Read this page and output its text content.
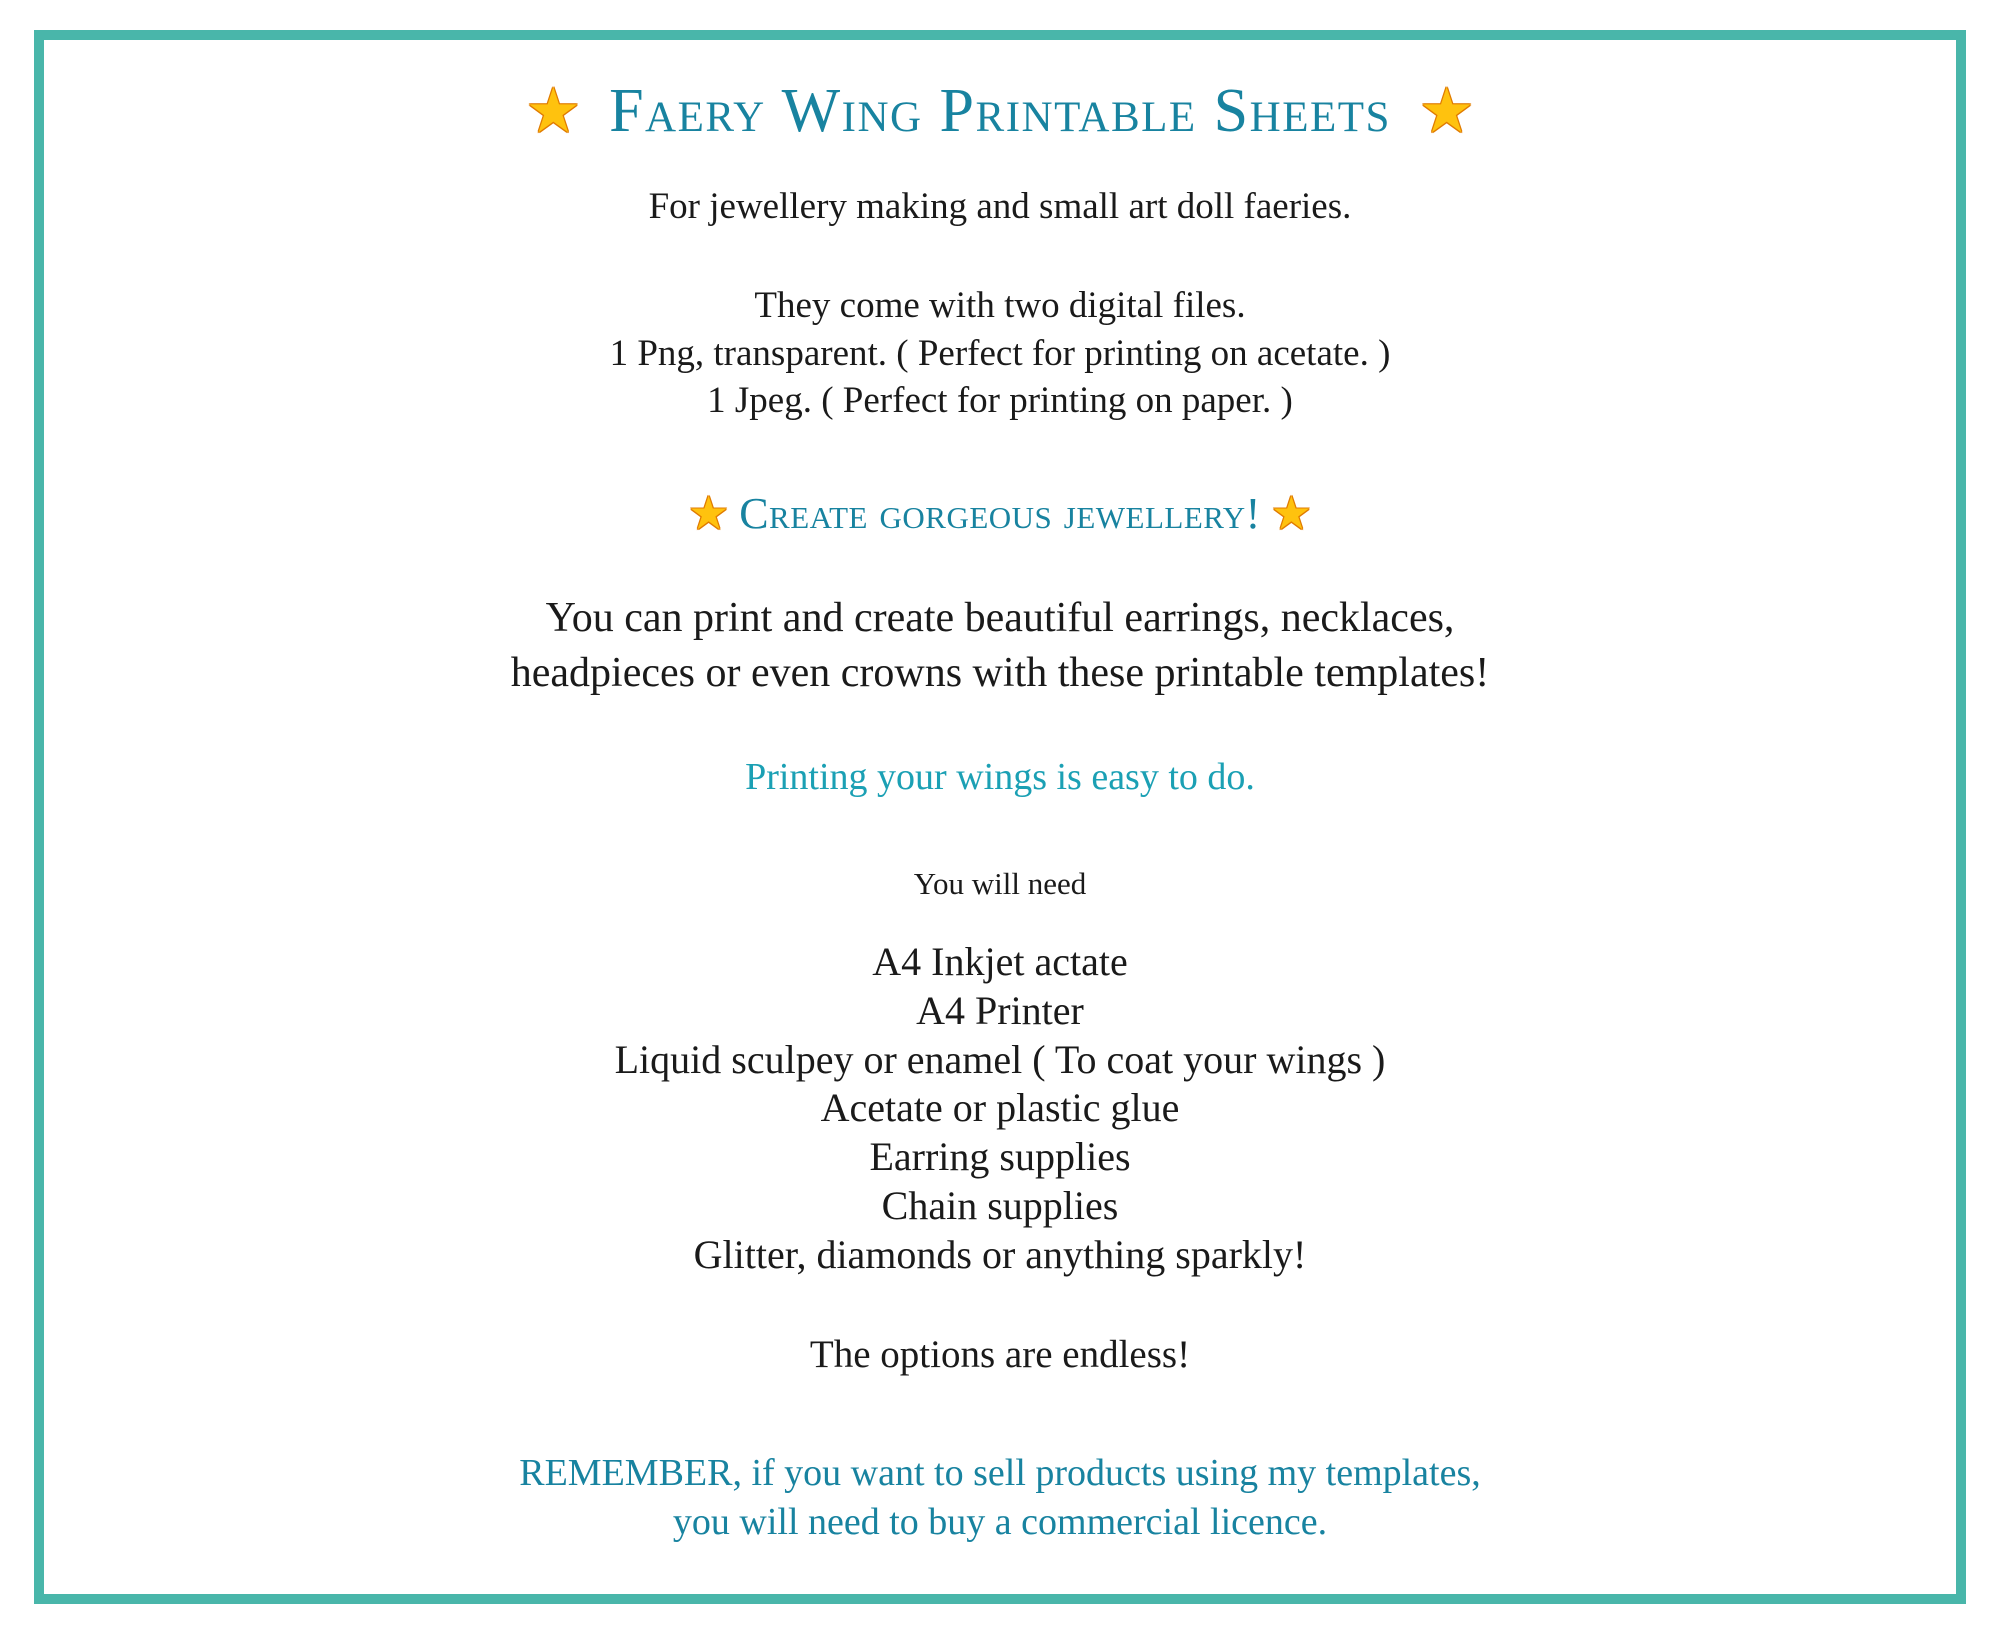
★ Faery Wing Printable Sheets ★
For jewellery making and small art doll faeries.
They come with two digital files.
1 Png, transparent. ( Perfect for printing on acetate. )
1 Jpeg. ( Perfect for printing on paper. )
★ Create gorgeous jewellery! ★
You can print and create beautiful earrings, necklaces,
headpieces or even crowns with these printable templates!
Printing your wings is easy to do.
You will need
A4 Inkjet actate
A4 Printer
Liquid sculpey or enamel ( To coat your wings )
Acetate or plastic glue
Earring supplies
Chain supplies
Glitter, diamonds or anything sparkly!
The options are endless!
REMEMBER, if you want to sell products using my templates,
you will need to buy a commercial licence.
